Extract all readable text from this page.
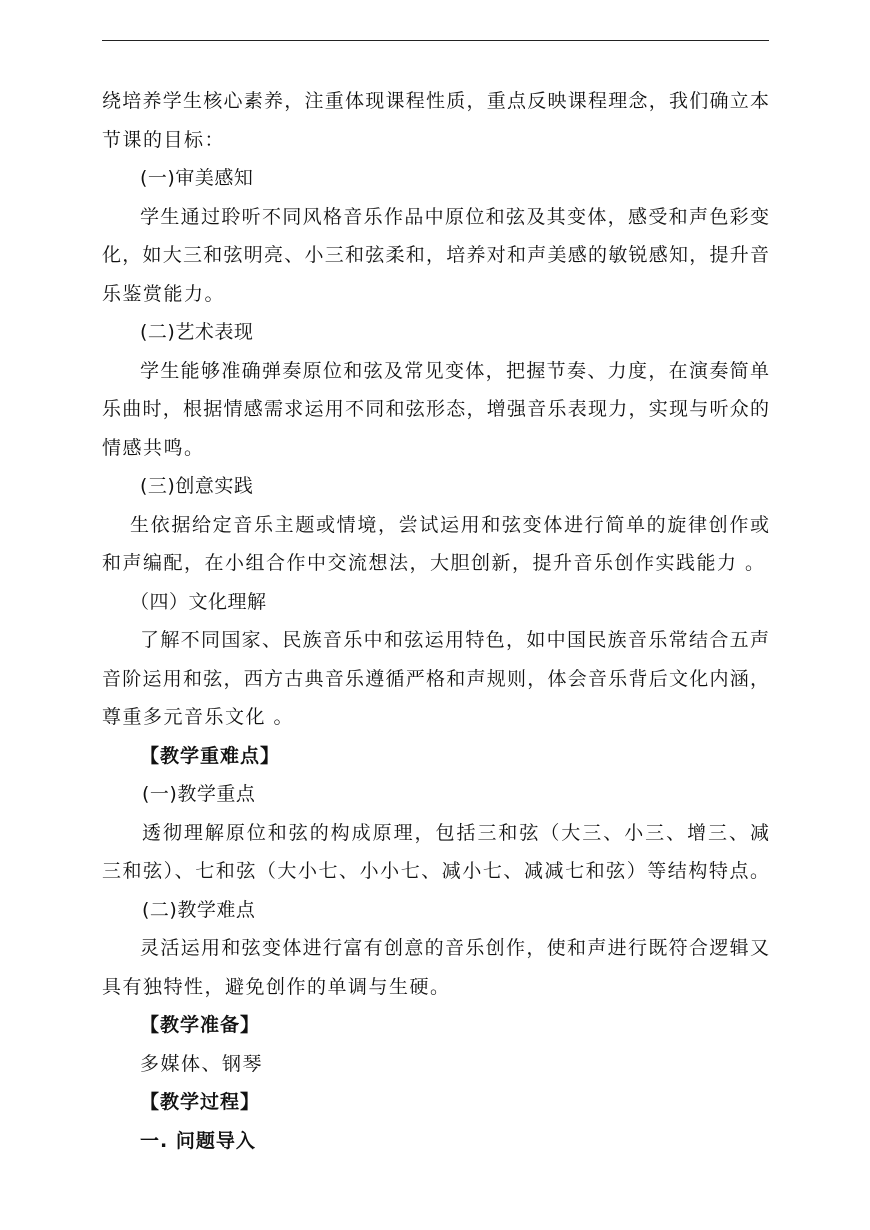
绕培养学生核心素养，注重体现课程性质，重点反映课程理念，我们确立本
节课的目标：
(一)审美感知
学生通过聆听不同风格音乐作品中原位和弦及其变体，感受和声色彩变
化，如大三和弦明亮、小三和弦柔和，培养对和声美感的敏锐感知，提升音
乐鉴赏能力。
(二)艺术表现
学生能够准确弹奏原位和弦及常见变体，把握节奏、力度，在演奏简单
乐曲时，根据情感需求运用不同和弦形态，增强音乐表现力，实现与听众的
情感共鸣。
(三)创意实践
生依据给定音乐主题或情境，尝试运用和弦变体进行简单的旋律创作或
和声编配，在小组合作中交流想法，大胆创新，提升音乐创作实践能力 。
（四）文化理解
了解不同国家、民族音乐中和弦运用特色，如中国民族音乐常结合五声
音阶运用和弦，西方古典音乐遵循严格和声规则，体会音乐背后文化内涵，
尊重多元音乐文化 。
【教学重难点】
(一)教学重点
透彻理解原位和弦的构成原理，包括三和弦（大三、小三、增三、减
三和弦）、七和弦（大小七、小小七、减小七、减减七和弦）等结构特点。
(二)教学难点
灵活运用和弦变体进行富有创意的音乐创作，使和声进行既符合逻辑又
具有独特性，避免创作的单调与生硬。
【教学准备】
多媒体、钢琴
【教学过程】
一. 问题导入
